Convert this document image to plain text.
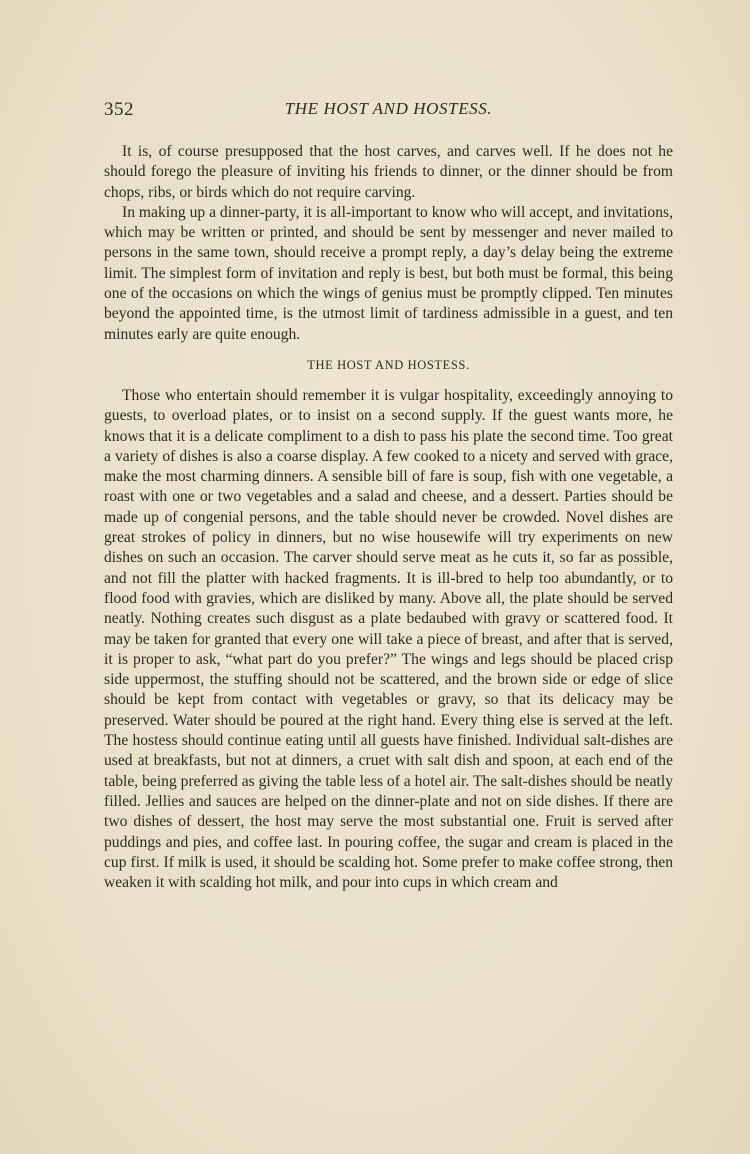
352	THE HOST AND HOSTESS.

It is, of course presupposed that the host carves, and carves well. If he does not he should forego the pleasure of inviting his friends to dinner, or the dinner should be from chops, ribs, or birds which do not require carving.

In making up a dinner-party, it is all-important to know who will accept, and invitations, which may be written or printed, and should be sent by messenger and never mailed to persons in the same town, should receive a prompt reply, a day’s delay being the extreme limit. The simplest form of invitation and reply is best, but both must be formal, this being one of the occasions on which the wings of genius must be promptly clipped. Ten minutes beyond the appointed time, is the utmost limit of tardiness admissible in a guest, and ten minutes early are quite enough.

THE HOST AND HOSTESS.

Those who entertain should remember it is vulgar hospitality, exceedingly annoying to guests, to overload plates, or to insist on a second supply. If the guest wants more, he knows that it is a delicate compliment to a dish to pass his plate the second time. Too great a variety of dishes is also a coarse display. A few cooked to a nicety and served with grace, make the most charming dinners. A sensible bill of fare is soup, fish with one vegetable, a roast with one or two vegetables and a salad and cheese, and a dessert. Parties should be made up of congenial persons, and the table should never be crowded. Novel dishes are great strokes of policy in dinners, but no wise housewife will try experiments on new dishes on such an occasion. The carver should serve meat as he cuts it, so far as possible, and not fill the platter with hacked fragments. It is ill-bred to help too abundantly, or to flood food with gravies, which are disliked by many. Above all, the plate should be served neatly. Nothing creates such disgust as a plate bedaubed with gravy or scattered food. It may be taken for granted that every one will take a piece of breast, and after that is served, it is proper to ask, “what part do you prefer?” The wings and legs should be placed crisp side uppermost, the stuffing should not be scattered, and the brown side or edge of slice should be kept from contact with vegetables or gravy, so that its delicacy may be preserved. Water should be poured at the right hand. Every thing else is served at the left. The hostess should continue eating until all guests have finished. Individual salt-dishes are used at breakfasts, but not at dinners, a cruet with salt dish and spoon, at each end of the table, being preferred as giving the table less of a hotel air. The salt-dishes should be neatly filled. Jellies and sauces are helped on the dinner-plate and not on side dishes. If there are two dishes of dessert, the host may serve the most substantial one. Fruit is served after puddings and pies, and coffee last. In pouring coffee, the sugar and cream is placed in the cup first. If milk is used, it should be scalding hot. Some prefer to make coffee strong, then weaken it with scalding hot milk, and pour into cups in which cream and
